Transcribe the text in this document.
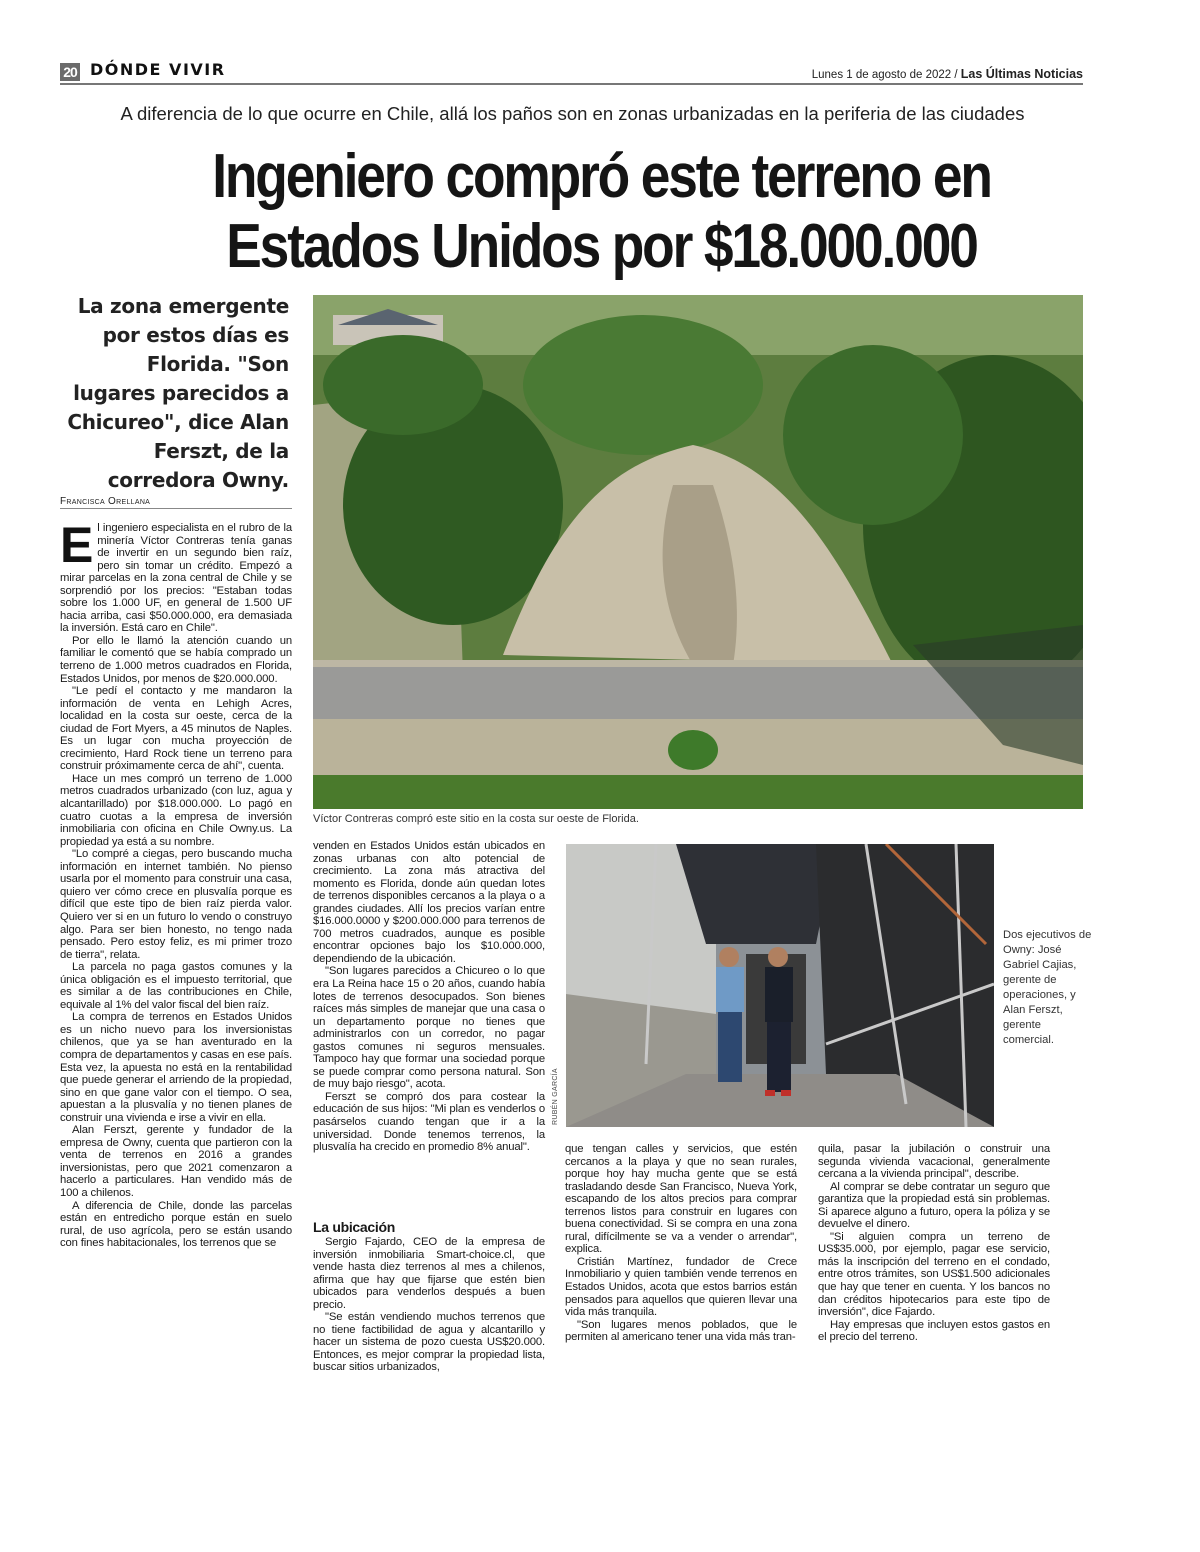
20 DÓNDE VIVIR	Lunes 1 de agosto de 2022 / Las Últimas Noticias
A diferencia de lo que ocurre en Chile, allá los paños son en zonas urbanizadas en la periferia de las ciudades
Ingeniero compró este terreno en
Estados Unidos por $18.000.000
La zona emergente por estos días es Florida. "Son lugares parecidos a Chicureo", dice Alan Ferszt, de la corredora Owny.
Francisca Orellana
Víctor Contreras compró este sitio en la costa sur oeste de Florida.

El ingeniero especialista en el rubro de la minería Víctor Contreras tenía ganas de invertir en un segundo bien raíz, pero sin tomar un crédito. Empezó a mirar parcelas en la zona central de Chile y se sorprendió por los precios: "Estaban todas sobre los 1.000 UF, en general de 1.500 UF hacia arriba, casi $50.000.000, era demasiada la inversión. Está caro en Chile".

Por ello le llamó la atención cuando un familiar le comentó que se había comprado un terreno de 1.000 metros cuadrados en Florida, Estados Unidos, por menos de $20.000.000.

"Le pedí el contacto y me mandaron la información de venta en Lehigh Acres, localidad en la costa sur oeste, cerca de la ciudad de Fort Myers, a 45 minutos de Naples. Es un lugar con mucha proyección de crecimiento, Hard Rock tiene un terreno para construir próximamente cerca de ahí", cuenta.

Hace un mes compró un terreno de 1.000 metros cuadrados urbanizado (con luz, agua y alcantarillado) por $18.000.000. Lo pagó en cuatro cuotas a la empresa de inversión inmobiliaria con oficina en Chile Owny.us. La propiedad ya está a su nombre.

"Lo compré a ciegas, pero buscando mucha información en internet también. No pienso usarla por el momento para construir una casa, quiero ver cómo crece en plusvalía porque es difícil que este tipo de bien raíz pierda valor. Quiero ver si en un futuro lo vendo o construyo algo. Para ser bien honesto, no tengo nada pensado. Pero estoy feliz, es mi primer trozo de tierra", relata.

La parcela no paga gastos comunes y la única obligación es el impuesto territorial, que es similar a de las contribuciones en Chile, equivale al 1% del valor fiscal del bien raíz.

La compra de terrenos en Estados Unidos es un nicho nuevo para los inversionistas chilenos, que ya se han aventurado en la compra de departamentos y casas en ese país. Esta vez, la apuesta no está en la rentabilidad que puede generar el arriendo de la propiedad, sino en que gane valor con el tiempo. O sea, apuestan a la plusvalía y no tienen planes de construir una vivienda e irse a vivir en ella.

Alan Ferszt, gerente y fundador de la empresa de Owny, cuenta que partieron con la venta de terrenos en 2016 a grandes inversionistas, pero que 2021 comenzaron a hacerlo a particulares. Han vendido más de 100 a chilenos.

A diferencia de Chile, donde las parcelas están en entredicho porque están en suelo rural, de uso agrícola, pero se están usando con fines habitacionales, los terrenos que se

venden en Estados Unidos están ubicados en zonas urbanas con alto potencial de crecimiento. La zona más atractiva del momento es Florida, donde aún quedan lotes de terrenos disponibles cercanos a la playa o a grandes ciudades. Allí los precios varían entre $16.000.0000 y $200.000.000 para terrenos de 700 metros cuadrados, aunque es posible encontrar opciones bajo los $10.000.000, dependiendo de la ubicación.

"Son lugares parecidos a Chicureo o lo que era La Reina hace 15 o 20 años, cuando había lotes de terrenos desocupados. Son bienes raíces más simples de manejar que una casa o un departamento porque no tienes que administrarlos con un corredor, no pagar gastos comunes ni seguros mensuales. Tampoco hay que formar una sociedad porque se puede comprar como persona natural. Son de muy bajo riesgo", acota.

Ferszt se compró dos para costear la educación de sus hijos: "Mi plan es venderlos o pasárselos cuando tengan que ir a la universidad. Donde tenemos terrenos, la plusvalía ha crecido en promedio 8% anual".

La ubicación

Sergio Fajardo, CEO de la empresa de inversión inmobiliaria Smart-choice.cl, que vende hasta diez terrenos al mes a chilenos, afirma que hay que fijarse que estén bien ubicados para venderlos después a buen precio.

"Se están vendiendo muchos terrenos que no tiene factibilidad de agua y alcantarillo y hacer un sistema de pozo cuesta US$20.000. Entonces, es mejor comprar la propiedad lista, buscar sitios urbanizados,

RUBÉN GARCÍA
Dos ejecutivos de Owny: José Gabriel Cajias, gerente de operaciones, y Alan Ferszt, gerente comercial.

que tengan calles y servicios, que estén cercanos a la playa y que no sean rurales, porque hoy hay mucha gente que se está trasladando desde San Francisco, Nueva York, escapando de los altos precios para comprar terrenos listos para construir en lugares con buena conectividad. Si se compra en una zona rural, difícilmente se va a vender o arrendar", explica.

Cristián Martínez, fundador de Crece Inmobiliario y quien también vende terrenos en Estados Unidos, acota que estos barrios están pensados para aquellos que quieren llevar una vida más tranquila.

"Son lugares menos poblados, que le permiten al americano tener una vida más tran-

quila, pasar la jubilación o construir una segunda vivienda vacacional, generalmente cercana a la vivienda principal", describe.

Al comprar se debe contratar un seguro que garantiza que la propiedad está sin problemas. Si aparece alguno a futuro, opera la póliza y se devuelve el dinero.

"Si alguien compra un terreno de US$35.000, por ejemplo, pagar ese servicio, más la inscripción del terreno en el condado, entre otros trámites, son US$1.500 adicionales que hay que tener en cuenta. Y los bancos no dan créditos hipotecarios para este tipo de inversión", dice Fajardo.

Hay empresas que incluyen estos gastos en el precio del terreno.
